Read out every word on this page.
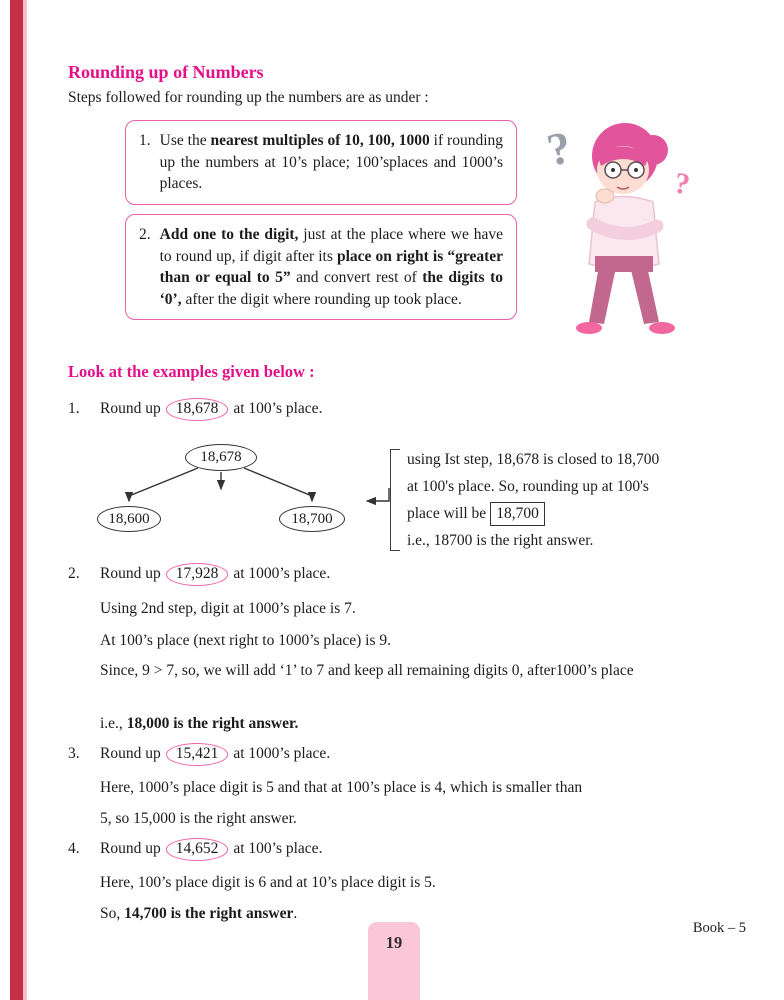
Rounding up of Numbers
Steps followed for rounding up the numbers are as under :
1. Use the nearest multiples of 10, 100, 1000 if rounding up the numbers at 10’s place; 100’splaces and 1000’s places.
2. Add one to the digit, just at the place where we have to round up, if digit after its place on right is “greater than or equal to 5” and convert rest of the digits to ‘0’, after the digit where rounding up took place.
?
?
Look at the examples given below :
1. Round up 18,678 at 100’s place.
18,678
18,600	18,700
using Ist step, 18,678 is closed to 18,700
at 100's place. So, rounding up at 100's
place will be 18,700
i.e., 18700 is the right answer.
2. Round up 17,928 at 1000’s place.
Using 2nd step, digit at 1000’s place is 7.
At 100’s place (next right to 1000’s place) is 9.
Since, 9 > 7, so, we will add ‘1’ to 7 and keep all remaining digits 0, after1000’s place
i.e., 18,000 is the right answer.
3. Round up 15,421 at 1000’s place.
Here, 1000’s place digit is 5 and that at 100’s place is 4, which is smaller than
5, so 15,000 is the right answer.
4. Round up 14,652 at 100’s place.
Here, 100’s place digit is 6 and at 10’s place digit is 5.
So, 14,700 is the right answer.
19
Book – 5
